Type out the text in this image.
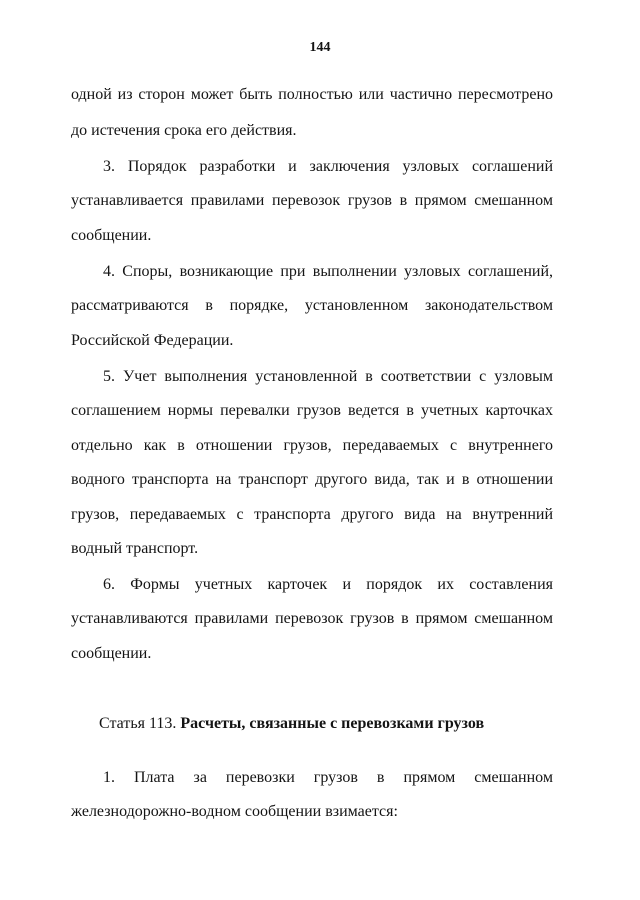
144
одной из сторон может быть полностью или частично пересмотрено
до истечения срока его действия.
3. Порядок разработки и заключения узловых соглашений
устанавливается правилами перевозок грузов в прямом смешанном
сообщении.
4. Споры, возникающие при выполнении узловых соглашений,
рассматриваются в порядке, установленном законодательством
Российской Федерации.
5. Учет выполнения установленной в соответствии с узловым
соглашением нормы перевалки грузов ведется в учетных карточках
отдельно как в отношении грузов, передаваемых с внутреннего
водного транспорта на транспорт другого вида, так и в отношении
грузов, передаваемых с транспорта другого вида на внутренний
водный транспорт.
6. Формы учетных карточек и порядок их составления
устанавливаются правилами перевозок грузов в прямом смешанном
сообщении.
Статья 113. Расчеты, связанные с перевозками грузов
1. Плата за перевозки грузов в прямом смешанном
железнодорожно-водном сообщении взимается:
